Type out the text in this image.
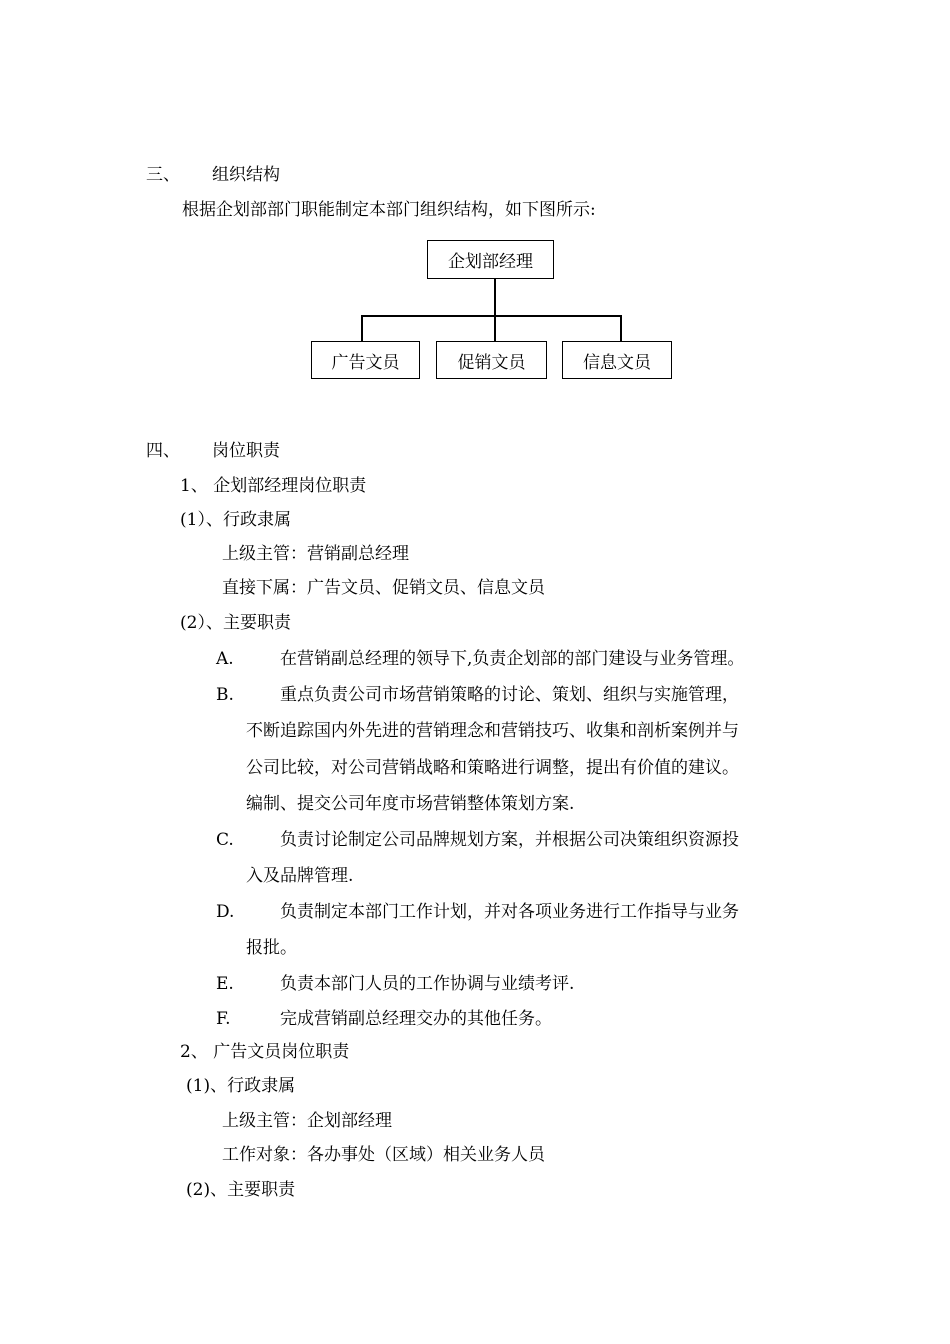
三、 组织结构
根据企划部部门职能制定本部门组织结构，如下图所示:
企划部经理
广告文员	促销文员	信息文员
四、 岗位职责
1、 企划部经理岗位职责
(1）、行政隶属
上级主管：营销副总经理
直接下属：广告文员、促销文员、信息文员
(2）、主要职责
A.	在营销副总经理的领导下,负责企划部的部门建设与业务管理。
B.	重点负责公司市场营销策略的讨论、策划、组织与实施管理，
不断追踪国内外先进的营销理念和营销技巧、收集和剖析案例并与
公司比较，对公司营销战略和策略进行调整，提出有价值的建议。
编制、提交公司年度市场营销整体策划方案.
C.	负责讨论制定公司品牌规划方案，并根据公司决策组织资源投
入及品牌管理.
D.	负责制定本部门工作计划，并对各项业务进行工作指导与业务
报批。
E.	负责本部门人员的工作协调与业绩考评.
F.	完成营销副总经理交办的其他任务。
2、 广告文员岗位职责
(1)、行政隶属
上级主管：企划部经理
工作对象：各办事处（区域）相关业务人员
(2)、主要职责
